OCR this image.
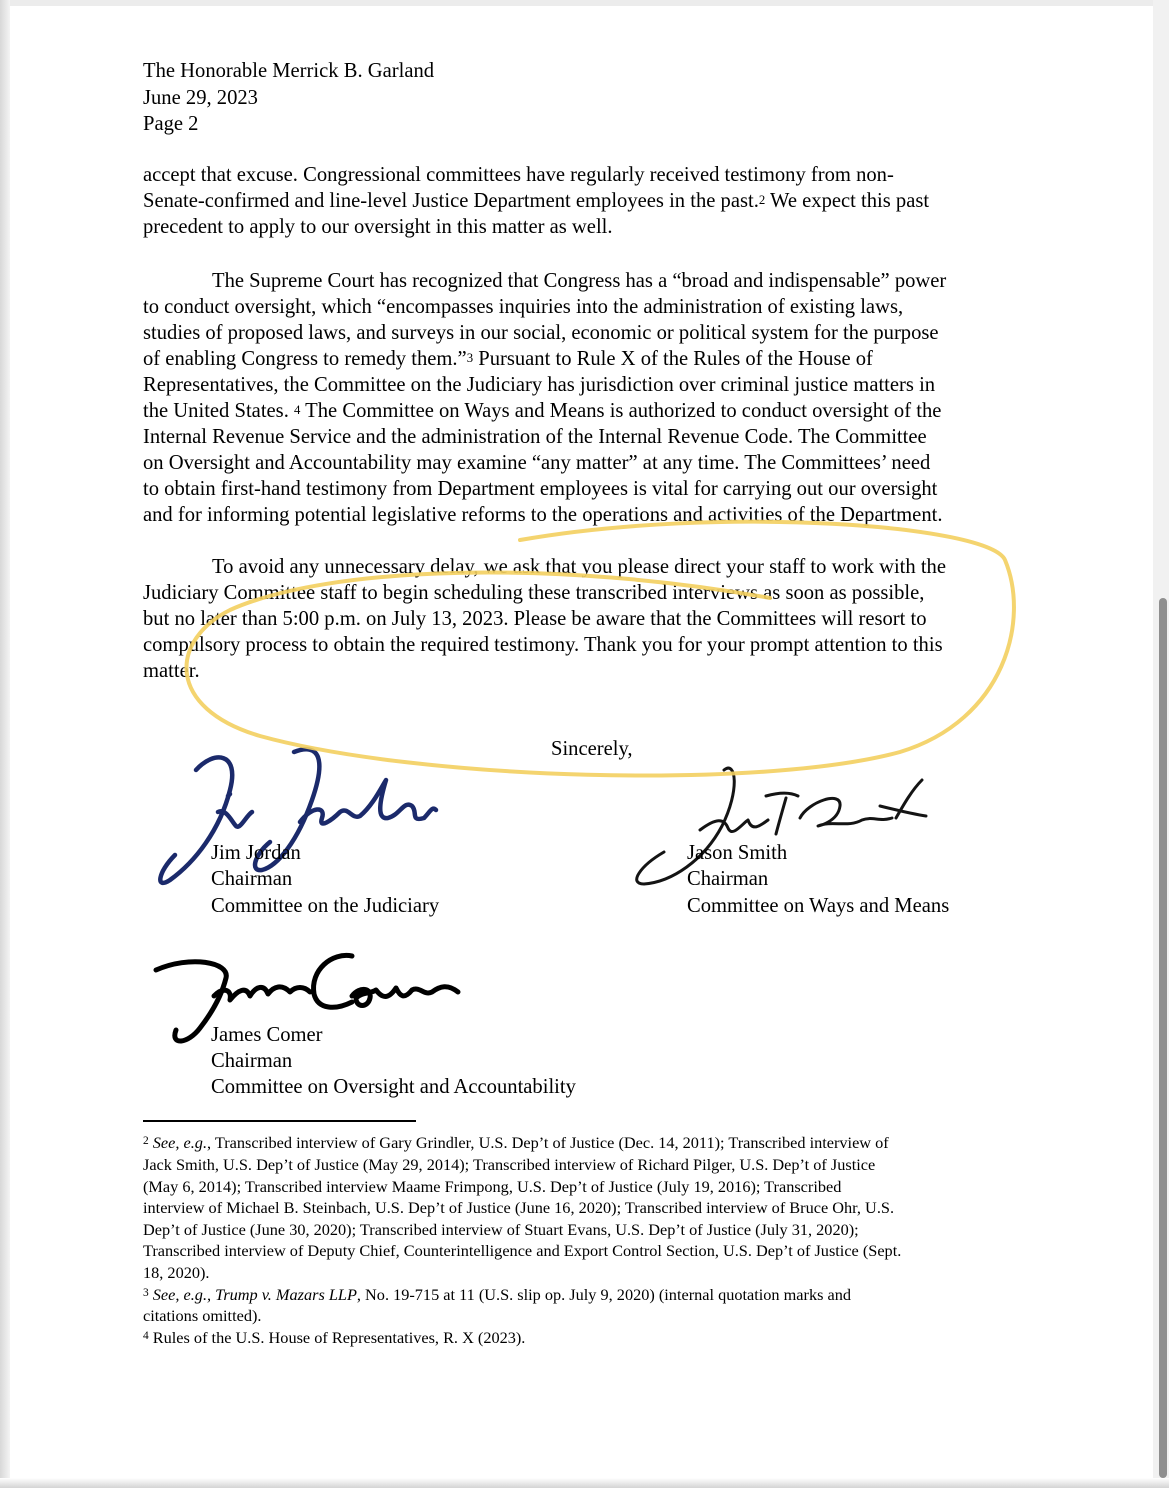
The Honorable Merrick B. Garland
June 29, 2023
Page 2
accept that excuse. Congressional committees have regularly received testimony from non-
Senate-confirmed and line-level Justice Department employees in the past.$^2$ We expect this past
precedent to apply to our oversight in this matter as well.
The Supreme Court has recognized that Congress has a “broad and indispensable” power
to conduct oversight, which “encompasses inquiries into the administration of existing laws,
studies of proposed laws, and surveys in our social, economic or political system for the purpose
of enabling Congress to remedy them.”$^3$ Pursuant to Rule X of the Rules of the House of
Representatives, the Committee on the Judiciary has jurisdiction over criminal justice matters in
the United States. $^4$ The Committee on Ways and Means is authorized to conduct oversight of the
Internal Revenue Service and the administration of the Internal Revenue Code. The Committee
on Oversight and Accountability may examine “any matter” at any time. The Committees’ need
to obtain first-hand testimony from Department employees is vital for carrying out our oversight
and for informing potential legislative reforms to the operations and activities of the Department.
To avoid any unnecessary delay, we ask that you please direct your staff to work with the
Judiciary Committee staff to begin scheduling these transcribed interviews as soon as possible,
but no later than 5:00 p.m. on July 13, 2023. Please be aware that the Committees will resort to
compulsory process to obtain the required testimony. Thank you for your prompt attention to this
matter.
Sincerely,
Jim Jordan
Chairman
Committee on the Judiciary
Jason Smith
Chairman
Committee on Ways and Means
James Comer
Chairman
Committee on Oversight and Accountability
$^2$ See, e.g., Transcribed interview of Gary Grindler, U.S. Dep’t of Justice (Dec. 14, 2011); Transcribed interview of
Jack Smith, U.S. Dep’t of Justice (May 29, 2014); Transcribed interview of Richard Pilger, U.S. Dep’t of Justice
(May 6, 2014); Transcribed interview Maame Frimpong, U.S. Dep’t of Justice (July 19, 2016); Transcribed
interview of Michael B. Steinbach, U.S. Dep’t of Justice (June 16, 2020); Transcribed interview of Bruce Ohr, U.S.
Dep’t of Justice (June 30, 2020); Transcribed interview of Stuart Evans, U.S. Dep’t of Justice (July 31, 2020);
Transcribed interview of Deputy Chief, Counterintelligence and Export Control Section, U.S. Dep’t of Justice (Sept.
18, 2020).
$^3$ See, e.g., Trump v. Mazars LLP, No. 19-715 at 11 (U.S. slip op. July 9, 2020) (internal quotation marks and
citations omitted).
$^4$ Rules of the U.S. House of Representatives, R. X (2023).
